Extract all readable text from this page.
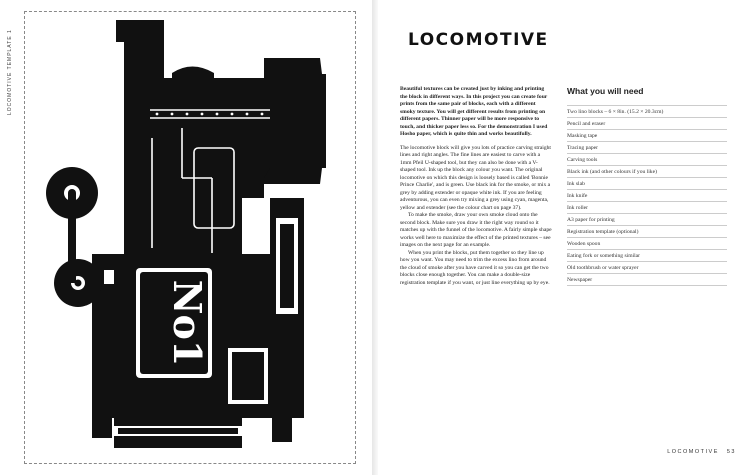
LOCOMOTIVE TEMPLATE 1
No1
LOCOMOTIVE

Beautiful textures can be created just by inking and printing the block in different ways. In this project you can create four prints from the same pair of blocks, each with a different smoky texture. You will get different results from printing on different papers. Thinner paper will be more responsive to touch, and thicker paper less so. For the demonstration I used Hosho paper, which is quite thin and works beautifully.

The locomotive block will give you lots of practice carving straight lines and right angles. The fine lines are easiest to carve with a 1mm Pfeil U-shaped tool, but they can also be done with a V-shaped tool. Ink up the block any colour you want. The original locomotive on which this design is loosely based is called 'Bonnie Prince Charlie', and is green. Use black ink for the smoke, or mix a grey by adding extender or opaque white ink. If you are feeling adventurous, you can even try mixing a grey using cyan, magenta, yellow and extender (see the colour chart on page 37).

To make the smoke, draw your own smoke cloud onto the second block. Make sure you draw it the right way round so it matches up with the funnel of the locomotive. A fairly simple shape works well here to maximize the effect of the printed textures – see images on the next page for an example.

When you print the blocks, put them together so they line up how you want. You may need to trim the excess lino from around the cloud of smoke after you have carved it so you can get the two blocks close enough together. You can make a double-size registration template if you want, or just line everything up by eye.

What you will need
Two lino blocks – 6 × 8in. (15.2 × 20.3cm)
Pencil and eraser
Masking tape
Tracing paper
Carving tools
Black ink (and other colours if you like)
Ink slab
Ink knife
Ink roller
A3 paper for printing
Registration template (optional)
Wooden spoon
Eating fork or something similar
Old toothbrush or water sprayer
Newspaper
LOCOMOTIVE 53
